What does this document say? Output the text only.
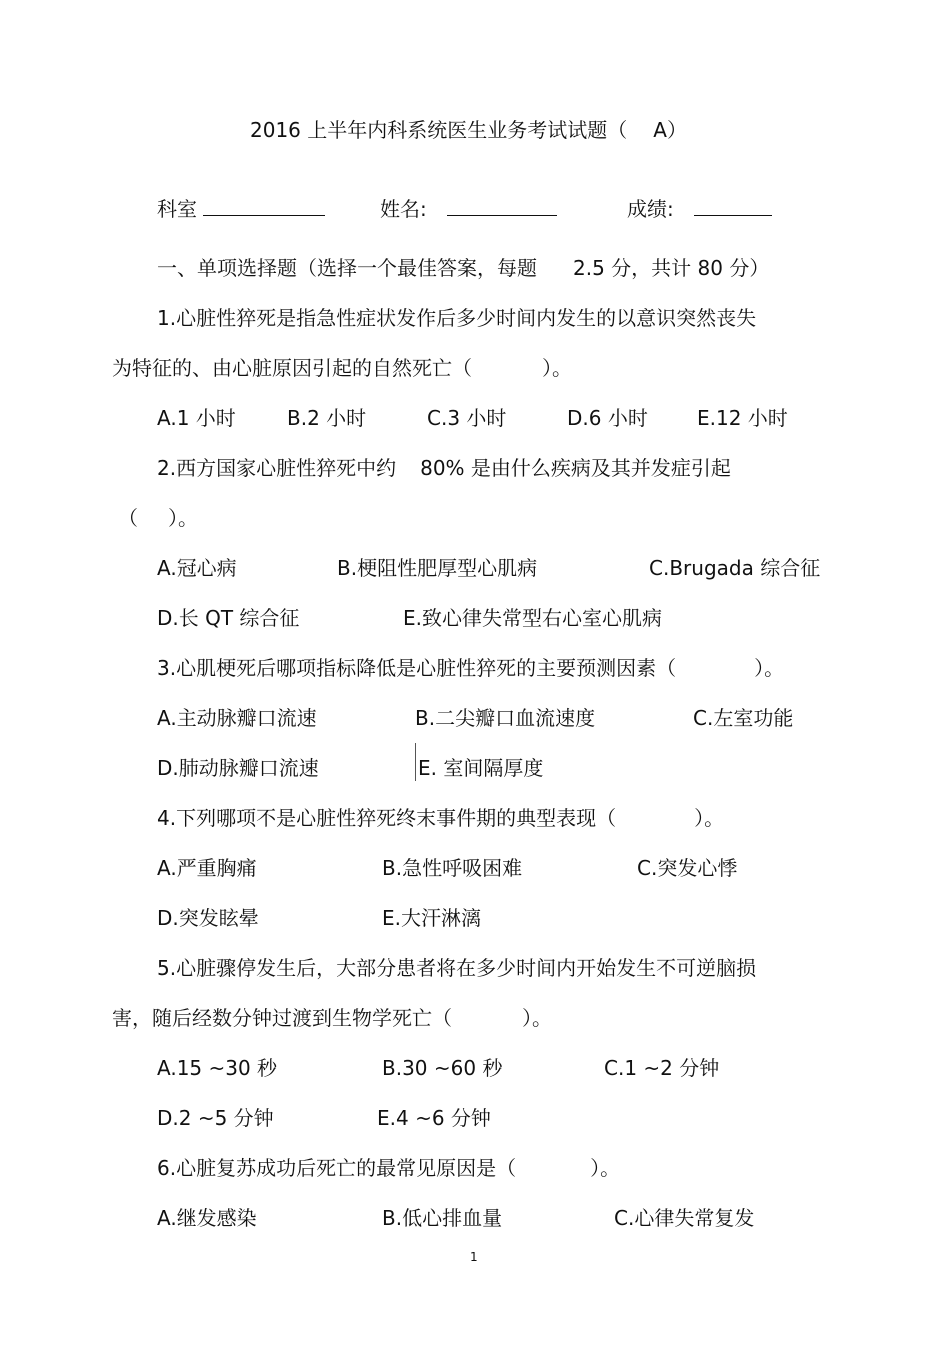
2016 上半年内科系统医生业务考试试题（ A）
科室	姓名:	成绩:
一、单项选择题（选择一个最佳答案，每题 2.5 分，共计 80 分）
1.心脏性猝死是指急性症状发作后多少时间内发生的以意识突然丧失
为特征的、由心脏原因引起的自然死亡（	）。
A.1 小时	B.2 小时	C.3 小时	D.6 小时 E.12 小时
2.西方国家心脏性猝死中约 80% 是由什么疾病及其并发症引起
（ ）。
A.冠心病	B.梗阻性肥厚型心肌病	C.Brugada 综合征
D.长 QT 综合征	E.致心律失常型右心室心肌病
3.心肌梗死后哪项指标降低是心脏性猝死的主要预测因素（	）。
A.主动脉瓣口流速	B.二尖瓣口血流速度	C.左室功能
D.肺动脉瓣口流速	E. 室间隔厚度
4.下列哪项不是心脏性猝死终末事件期的典型表现（	）。
A.严重胸痛	B.急性呼吸困难	C.突发心悸
D.突发眩晕	E.大汗淋漓
5.心脏骤停发生后，大部分患者将在多少时间内开始发生不可逆脑损
害，随后经数分钟过渡到生物学死亡（	）。
A.15 ~30 秒	B.30 ~60 秒	C.1 ~2 分钟
D.2 ~5 分钟	E.4 ~6 分钟
6.心脏复苏成功后死亡的最常见原因是（	）。
A.继发感染	B.低心排血量	C.心律失常复发
1
